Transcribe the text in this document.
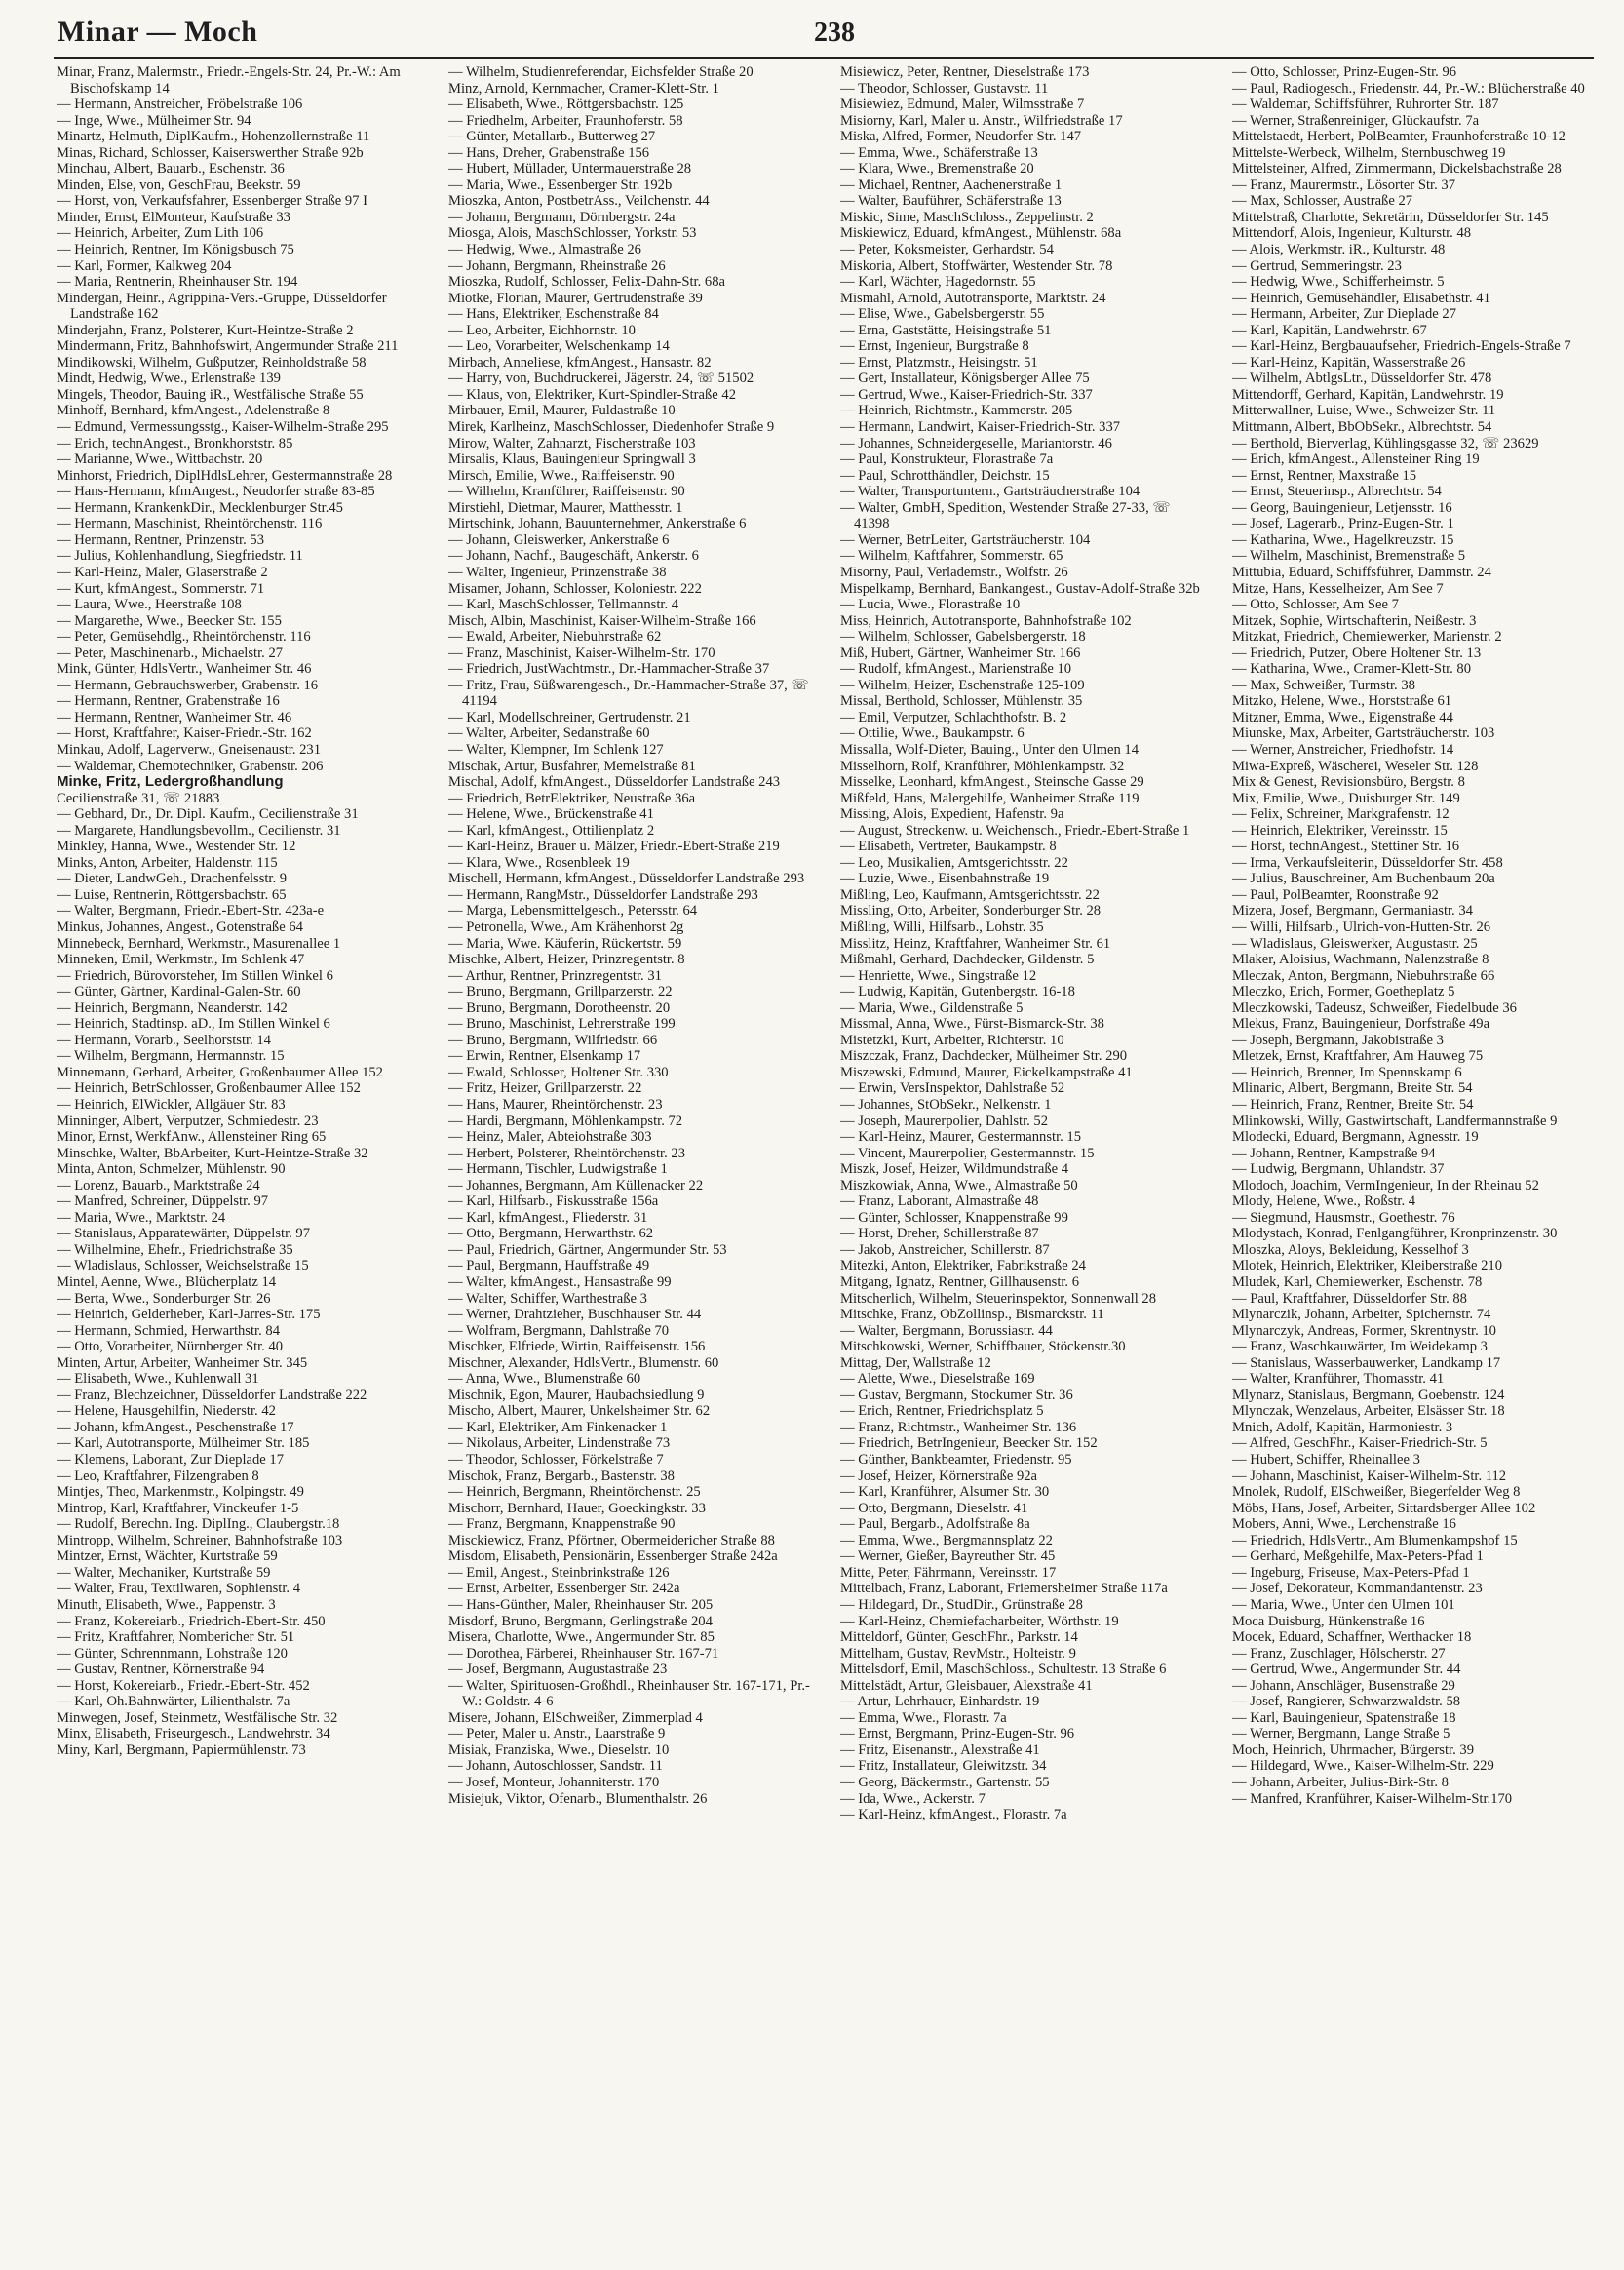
Minar — Moch	238

Minar, Franz, Malermstr., Friedr.-Engels-Str. 24, Pr.-W.: Am Bischofskamp 14

— Hermann, Anstreicher, Fröbelstraße 106

— Inge, Wwe., Mülheimer Str. 94

Minartz, Helmuth, DiplKaufm., Hohenzollernstraße 11

Minas, Richard, Schlosser, Kaiserswerther Straße 92b

Minchau, Albert, Bauarb., Eschenstr. 36

Minden, Else, von, GeschFrau, Beekstr. 59

— Horst, von, Verkaufsfahrer, Essenberger Straße 97 I

Minder, Ernst, ElMonteur, Kaufstraße 33

— Heinrich, Arbeiter, Zum Lith 106

— Heinrich, Rentner, Im Königsbusch 75

— Karl, Former, Kalkweg 204

— Maria, Rentnerin, Rheinhauser Str. 194

Mindergan, Heinr., Agrippina-Vers.-Gruppe, Düsseldorfer Landstraße 162

Minderjahn, Franz, Polsterer, Kurt-Heintze-Straße 2

Mindermann, Fritz, Bahnhofswirt, Angermunder Straße 211

Mindikowski, Wilhelm, Gußputzer, Reinholdstraße 58

Mindt, Hedwig, Wwe., Erlenstraße 139

Mingels, Theodor, Bauing iR., Westfälische Straße 55

Minhoff, Bernhard, kfmAngest., Adelenstraße 8

— Edmund, Vermessungsstg., Kaiser-Wilhelm-Straße 295

— Erich, technAngest., Bronkhorststr. 85

— Marianne, Wwe., Wittbachstr. 20

Minhorst, Friedrich, DiplHdlsLehrer, Gestermannstraße 28

— Hans-Hermann, kfmAngest., Neudorfer straße 83-85

— Hermann, KrankenkDir., Mecklenburger Str.45

— Hermann, Maschinist, Rheintörchenstr. 116

— Hermann, Rentner, Prinzenstr. 53

— Julius, Kohlenhandlung, Siegfriedstr. 11

— Karl-Heinz, Maler, Glaserstraße 2

— Kurt, kfmAngest., Sommerstr. 71

— Laura, Wwe., Heerstraße 108

— Margarethe, Wwe., Beecker Str. 155

— Peter, Gemüsehdlg., Rheintörchenstr. 116

— Peter, Maschinenarb., Michaelstr. 27

Mink, Günter, HdlsVertr., Wanheimer Str. 46

— Hermann, Gebrauchswerber, Grabenstr. 16

— Hermann, Rentner, Grabenstraße 16

— Hermann, Rentner, Wanheimer Str. 46

— Horst, Kraftfahrer, Kaiser-Friedr.-Str. 162

Minkau, Adolf, Lagerverw., Gneisenaustr. 231

— Waldemar, Chemotechniker, Grabenstr. 206

Minke, Fritz, Ledergroßhandlung

Cecilienstraße 31, ☏ 21883

— Gebhard, Dr., Dr. Dipl. Kaufm., Cecilienstraße 31

— Margarete, Handlungsbevollm., Cecilienstr. 31

Minkley, Hanna, Wwe., Westender Str. 12

Minks, Anton, Arbeiter, Haldenstr. 115

— Dieter, LandwGeh., Drachenfelsstr. 9

— Luise, Rentnerin, Röttgersbachstr. 65

— Walter, Bergmann, Friedr.-Ebert-Str. 423a-e

Minkus, Johannes, Angest., Gotenstraße 64

Minnebeck, Bernhard, Werkmstr., Masurenallee 1

Minneken, Emil, Werkmstr., Im Schlenk 47

— Friedrich, Bürovorsteher, Im Stillen Winkel 6

— Günter, Gärtner, Kardinal-Galen-Str. 60

— Heinrich, Bergmann, Neanderstr. 142

— Heinrich, Stadtinsp. aD., Im Stillen Winkel 6

— Hermann, Vorarb., Seelhorststr. 14

— Wilhelm, Bergmann, Hermannstr. 15

Minnemann, Gerhard, Arbeiter, Großenbaumer Allee 152

— Heinrich, BetrSchlosser, Großenbaumer Allee 152

— Heinrich, ElWickler, Allgäuer Str. 83

Minninger, Albert, Verputzer, Schmiedestr. 23

Minor, Ernst, WerkfAnw., Allensteiner Ring 65

Minschke, Walter, BbArbeiter, Kurt-Heintze-Straße 32

Minta, Anton, Schmelzer, Mühlenstr. 90

— Lorenz, Bauarb., Marktstraße 24

— Manfred, Schreiner, Düppelstr. 97

— Maria, Wwe., Marktstr. 24

— Stanislaus, Apparatewärter, Düppelstr. 97

— Wilhelmine, Ehefr., Friedrichstraße 35

— Wladislaus, Schlosser, Weichselstraße 15

Mintel, Aenne, Wwe., Blücherplatz 14

— Berta, Wwe., Sonderburger Str. 26

— Heinrich, Gelderheber, Karl-Jarres-Str. 175

— Hermann, Schmied, Herwarthstr. 84

— Otto, Vorarbeiter, Nürnberger Str. 40

Minten, Artur, Arbeiter, Wanheimer Str. 345

— Elisabeth, Wwe., Kuhlenwall 31

— Franz, Blechzeichner, Düsseldorfer Landstraße 222

— Helene, Hausgehilfin, Niederstr. 42

— Johann, kfmAngest., Peschenstraße 17

— Karl, Autotransporte, Mülheimer Str. 185

— Klemens, Laborant, Zur Dieplade 17

— Leo, Kraftfahrer, Filzengraben 8

Mintjes, Theo, Markenmstr., Kolpingstr. 49

Mintrop, Karl, Kraftfahrer, Vinckeufer 1-5

— Rudolf, Berechn. Ing. DiplIng., Claubergstr.18

Mintropp, Wilhelm, Schreiner, Bahnhofstraße 103

Mintzer, Ernst, Wächter, Kurtstraße 59

— Walter, Mechaniker, Kurtstraße 59

— Walter, Frau, Textilwaren, Sophienstr. 4

Minuth, Elisabeth, Wwe., Pappenstr. 3

— Franz, Kokereiarb., Friedrich-Ebert-Str. 450

— Fritz, Kraftfahrer, Nombericher Str. 51

— Günter, Schrennmann, Lohstraße 120

— Gustav, Rentner, Körnerstraße 94

— Horst, Kokereiarb., Friedr.-Ebert-Str. 452

— Karl, Oh.Bahnwärter, Lilienthalstr. 7a

Minwegen, Josef, Steinmetz, Westfälische Str. 32

Minx, Elisabeth, Friseurgesch., Landwehrstr. 34

Miny, Karl, Bergmann, Papiermühlenstr. 73

— Wilhelm, Studienreferendar, Eichsfelder Straße 20

Minz, Arnold, Kernmacher, Cramer-Klett-Str. 1

— Elisabeth, Wwe., Röttgersbachstr. 125

— Friedhelm, Arbeiter, Fraunhoferstr. 58

— Günter, Metallarb., Butterweg 27

— Hans, Dreher, Grabenstraße 156

— Hubert, Müllader, Untermauerstraße 28

— Maria, Wwe., Essenberger Str. 192b

Mioszka, Anton, PostbetrAss., Veilchenstr. 44

— Johann, Bergmann, Dörnbergstr. 24a

Miosga, Alois, MaschSchlosser, Yorkstr. 53

— Hedwig, Wwe., Almastraße 26

— Johann, Bergmann, Rheinstraße 26

Mioszka, Rudolf, Schlosser, Felix-Dahn-Str. 68a

Miotke, Florian, Maurer, Gertrudenstraße 39

— Hans, Elektriker, Eschenstraße 84

— Leo, Arbeiter, Eichhornstr. 10

— Leo, Vorarbeiter, Welschenkamp 14

Mirbach, Anneliese, kfmAngest., Hansastr. 82

— Harry, von, Buchdruckerei, Jägerstr. 24, ☏ 51502

— Klaus, von, Elektriker, Kurt-Spindler-Straße 42

Mirbauer, Emil, Maurer, Fuldastraße 10

Mirek, Karlheinz, MaschSchlosser, Diedenhofer Straße 9

Mirow, Walter, Zahnarzt, Fischerstraße 103

Mirsalis, Klaus, Bauingenieur Springwall 3

Mirsch, Emilie, Wwe., Raiffeisenstr. 90

— Wilhelm, Kranführer, Raiffeisenstr. 90

Mirstiehl, Dietmar, Maurer, Matthesstr. 1

Mirtschink, Johann, Bauunternehmer, Ankerstraße 6

— Johann, Gleiswerker, Ankerstraße 6

— Johann, Nachf., Baugeschäft, Ankerstr. 6

— Walter, Ingenieur, Prinzenstraße 38

Misamer, Johann, Schlosser, Koloniestr. 222

— Karl, MaschSchlosser, Tellmannstr. 4

Misch, Albin, Maschinist, Kaiser-Wilhelm-Straße 166

— Ewald, Arbeiter, Niebuhrstraße 62

— Franz, Maschinist, Kaiser-Wilhelm-Str. 170

— Friedrich, JustWachtmstr., Dr.-Hammacher-Straße 37

— Fritz, Frau, Süßwarengesch., Dr.-Hammacher-Straße 37, ☏ 41194

— Karl, Modellschreiner, Gertrudenstr. 21

— Walter, Arbeiter, Sedanstraße 60

— Walter, Klempner, Im Schlenk 127

Mischak, Artur, Busfahrer, Memelstraße 81

Mischal, Adolf, kfmAngest., Düsseldorfer Landstraße 243

— Friedrich, BetrElektriker, Neustraße 36a

— Helene, Wwe., Brückenstraße 41

— Karl, kfmAngest., Ottilienplatz 2

— Karl-Heinz, Brauer u. Mälzer, Friedr.-Ebert-Straße 219

— Klara, Wwe., Rosenbleek 19

Mischell, Hermann, kfmAngest., Düsseldorfer Landstraße 293

— Hermann, RangMstr., Düsseldorfer Landstraße 293

— Marga, Lebensmittelgesch., Petersstr. 64

— Petronella, Wwe., Am Krähenhorst 2g

— Maria, Wwe. Käuferin, Rückertstr. 59

Mischke, Albert, Heizer, Prinzregentstr. 8

— Arthur, Rentner, Prinzregentstr. 31

— Bruno, Bergmann, Grillparzerstr. 22

— Bruno, Bergmann, Dorotheenstr. 20

— Bruno, Maschinist, Lehrerstraße 199

— Bruno, Bergmann, Wilfriedstr. 66

— Erwin, Rentner, Elsenkamp 17

— Ewald, Schlosser, Holtener Str. 330

— Fritz, Heizer, Grillparzerstr. 22

— Hans, Maurer, Rheintörchenstr. 23

— Hardi, Bergmann, Möhlenkampstr. 72

— Heinz, Maler, Abteiohstraße 303

— Herbert, Polsterer, Rheintörchenstr. 23

— Hermann, Tischler, Ludwigstraße 1

— Johannes, Bergmann, Am Küllenacker 22

— Karl, Hilfsarb., Fiskusstraße 156a

— Karl, kfmAngest., Fliederstr. 31

— Otto, Bergmann, Herwarthstr. 62

— Paul, Friedrich, Gärtner, Angermunder Str. 53

— Paul, Bergmann, Hauffstraße 49

— Walter, kfmAngest., Hansastraße 99

— Walter, Schiffer, Warthestraße 3

— Werner, Drahtzieher, Buschhauser Str. 44

— Wolfram, Bergmann, Dahlstraße 70

Mischker, Elfriede, Wirtin, Raiffeisenstr. 156

Mischner, Alexander, HdlsVertr., Blumenstr. 60

— Anna, Wwe., Blumenstraße 60

Mischnik, Egon, Maurer, Haubachsiedlung 9

Mischo, Albert, Maurer, Unkelsheimer Str. 62

— Karl, Elektriker, Am Finkenacker 1

— Nikolaus, Arbeiter, Lindenstraße 73

— Theodor, Schlosser, Förkelstraße 7

Mischok, Franz, Bergarb., Bastenstr. 38

— Heinrich, Bergmann, Rheintörchenstr. 25

Mischorr, Bernhard, Hauer, Goeckingkstr. 33

— Franz, Bergmann, Knappenstraße 90

Misckiewicz, Franz, Pförtner, Obermeidericher Straße 88

Misdom, Elisabeth, Pensionärin, Essenberger Straße 242a

— Emil, Angest., Steinbrinkstraße 126

— Ernst, Arbeiter, Essenberger Str. 242a

— Hans-Günther, Maler, Rheinhauser Str. 205

Misdorf, Bruno, Bergmann, Gerlingstraße 204

Misera, Charlotte, Wwe., Angermunder Str. 85

— Dorothea, Färberei, Rheinhauser Str. 167-71

— Josef, Bergmann, Augustastraße 23

— Walter, Spirituosen-Großhdl., Rheinhauser Str. 167-171, Pr.-W.: Goldstr. 4-6

Misere, Johann, ElSchweißer, Zimmerplad 4

— Peter, Maler u. Anstr., Laarstraße 9

Misiak, Franziska, Wwe., Dieselstr. 10

— Johann, Autoschlosser, Sandstr. 11

— Josef, Monteur, Johanniterstr. 170

Misiejuk, Viktor, Ofenarb., Blumenthalstr. 26

Misiewicz, Peter, Rentner, Dieselstraße 173

— Theodor, Schlosser, Gustavstr. 11

Misiewiez, Edmund, Maler, Wilmsstraße 7

Misiorny, Karl, Maler u. Anstr., Wilfriedstraße 17

Miska, Alfred, Former, Neudorfer Str. 147

— Emma, Wwe., Schäferstraße 13

— Klara, Wwe., Bremenstraße 20

— Michael, Rentner, Aachenerstraße 1

— Walter, Bauführer, Schäferstraße 13

Miskic, Sime, MaschSchloss., Zeppelinstr. 2

Miskiewicz, Eduard, kfmAngest., Mühlenstr. 68a

— Peter, Koksmeister, Gerhardstr. 54

Miskoria, Albert, Stoffwärter, Westender Str. 78

— Karl, Wächter, Hagedornstr. 55

Mismahl, Arnold, Autotransporte, Marktstr. 24

— Elise, Wwe., Gabelsbergerstr. 55

— Erna, Gaststätte, Heisingstraße 51

— Ernst, Ingenieur, Burgstraße 8

— Ernst, Platzmstr., Heisingstr. 51

— Gert, Installateur, Königsberger Allee 75

— Gertrud, Wwe., Kaiser-Friedrich-Str. 337

— Heinrich, Richtmstr., Kammerstr. 205

— Hermann, Landwirt, Kaiser-Friedrich-Str. 337

— Johannes, Schneidergeselle, Mariantorstr. 46

— Paul, Konstrukteur, Florastraße 7a

— Paul, Schrotthändler, Deichstr. 15

— Walter, Transportuntern., Gartsträucherstraße 104

— Walter, GmbH, Spedition, Westender Straße 27-33, ☏ 41398

— Werner, BetrLeiter, Gartsträucherstr. 104

— Wilhelm, Kaftfahrer, Sommerstr. 65

Misorny, Paul, Verlademstr., Wolfstr. 26

Mispelkamp, Bernhard, Bankangest., Gustav-Adolf-Straße 32b

— Lucia, Wwe., Florastraße 10

Miss, Heinrich, Autotransporte, Bahnhofstraße 102

— Wilhelm, Schlosser, Gabelsbergerstr. 18

Miß, Hubert, Gärtner, Wanheimer Str. 166

— Rudolf, kfmAngest., Marienstraße 10

— Wilhelm, Heizer, Eschenstraße 125-109

Missal, Berthold, Schlosser, Mühlenstr. 35

— Emil, Verputzer, Schlachthofstr. B. 2

— Ottilie, Wwe., Baukampstr. 6

Missalla, Wolf-Dieter, Bauing., Unter den Ulmen 14

Misselhorn, Rolf, Kranführer, Möhlenkampstr. 32

Misselke, Leonhard, kfmAngest., Steinsche Gasse 29

Mißfeld, Hans, Malergehilfe, Wanheimer Straße 119

Missing, Alois, Expedient, Hafenstr. 9a

— August, Streckenw. u. Weichensch., Friedr.-Ebert-Straße 1

— Elisabeth, Vertreter, Baukampstr. 8

— Leo, Musikalien, Amtsgerichtsstr. 22

— Luzie, Wwe., Eisenbahnstraße 19

Mißling, Leo, Kaufmann, Amtsgerichtsstr. 22

Missling, Otto, Arbeiter, Sonderburger Str. 28

Mißling, Willi, Hilfsarb., Lohstr. 35

Misslitz, Heinz, Kraftfahrer, Wanheimer Str. 61

Mißmahl, Gerhard, Dachdecker, Gildenstr. 5

— Henriette, Wwe., Singstraße 12

— Ludwig, Kapitän, Gutenbergstr. 16-18

— Maria, Wwe., Gildenstraße 5

Missmal, Anna, Wwe., Fürst-Bismarck-Str. 38

Mistetzki, Kurt, Arbeiter, Richterstr. 10

Miszczak, Franz, Dachdecker, Mülheimer Str. 290

Miszewski, Edmund, Maurer, Eickelkampstraße 41

— Erwin, VersInspektor, Dahlstraße 52

— Johannes, StObSekr., Nelkenstr. 1

— Joseph, Maurerpolier, Dahlstr. 52

— Karl-Heinz, Maurer, Gestermannstr. 15

— Vincent, Maurerpolier, Gestermannstr. 15

Miszk, Josef, Heizer, Wildmundstraße 4

Miszkowiak, Anna, Wwe., Almastraße 50

— Franz, Laborant, Almastraße 48

— Günter, Schlosser, Knappenstraße 99

— Horst, Dreher, Schillerstraße 87

— Jakob, Anstreicher, Schillerstr. 87

Mitezki, Anton, Elektriker, Fabrikstraße 24

Mitgang, Ignatz, Rentner, Gillhausenstr. 6

Mitscherlich, Wilhelm, Steuerinspektor, Sonnenwall 28

Mitschke, Franz, ObZollinsp., Bismarckstr. 11

— Walter, Bergmann, Borussiastr. 44

Mitschkowski, Werner, Schiffbauer, Stöckenstr.30

Mittag, Der, Wallstraße 12

— Alette, Wwe., Dieselstraße 169

— Gustav, Bergmann, Stockumer Str. 36

— Erich, Rentner, Friedrichsplatz 5

— Franz, Richtmstr., Wanheimer Str. 136

— Friedrich, BetrIngenieur, Beecker Str. 152

— Günther, Bankbeamter, Friedenstr. 95

— Josef, Heizer, Körnerstraße 92a

— Karl, Kranführer, Alsumer Str. 30

— Otto, Bergmann, Dieselstr. 41

— Paul, Bergarb., Adolfstraße 8a

— Emma, Wwe., Bergmannsplatz 22

— Werner, Gießer, Bayreuther Str. 45

Mitte, Peter, Fährmann, Vereinsstr. 17

Mittelbach, Franz, Laborant, Friemersheimer Straße 117a

— Hildegard, Dr., StudDir., Grünstraße 28

— Karl-Heinz, Chemiefacharbeiter, Wörthstr. 19

Mitteldorf, Günter, GeschFhr., Parkstr. 14

Mittelham, Gustav, RevMstr., Holteistr. 9

Mittelsdorf, Emil, MaschSchloss., Schultestr. 13 Straße 6

Mittelstädt, Artur, Gleisbauer, Alexstraße 41

— Artur, Lehrhauer, Einhardstr. 19

— Emma, Wwe., Florastr. 7a

— Ernst, Bergmann, Prinz-Eugen-Str. 96

— Fritz, Eisenanstr., Alexstraße 41

— Fritz, Installateur, Gleiwitzstr. 34

— Georg, Bäckermstr., Gartenstr. 55

— Ida, Wwe., Ackerstr. 7

— Karl-Heinz, kfmAngest., Florastr. 7a

— Otto, Schlosser, Prinz-Eugen-Str. 96

— Paul, Radiogesch., Friedenstr. 44, Pr.-W.: Blücherstraße 40

— Waldemar, Schiffsführer, Ruhrorter Str. 187

— Werner, Straßenreiniger, Glückaufstr. 7a

Mittelstaedt, Herbert, PolBeamter, Fraunhoferstraße 10-12

Mittelste-Werbeck, Wilhelm, Sternbuschweg 19

Mittelsteiner, Alfred, Zimmermann, Dickelsbachstraße 28

— Franz, Maurermstr., Lösorter Str. 37

— Max, Schlosser, Austraße 27

Mittelstraß, Charlotte, Sekretärin, Düsseldorfer Str. 145

Mittendorf, Alois, Ingenieur, Kulturstr. 48

— Alois, Werkmstr. iR., Kulturstr. 48

— Gertrud, Semmeringstr. 23

— Hedwig, Wwe., Schifferheimstr. 5

— Heinrich, Gemüsehändler, Elisabethstr. 41

— Hermann, Arbeiter, Zur Dieplade 27

— Karl, Kapitän, Landwehrstr. 67

— Karl-Heinz, Bergbauaufseher, Friedrich-Engels-Straße 7

— Karl-Heinz, Kapitän, Wasserstraße 26

— Wilhelm, AbtlgsLtr., Düsseldorfer Str. 478

Mittendorff, Gerhard, Kapitän, Landwehrstr. 19

Mitterwallner, Luise, Wwe., Schweizer Str. 11

Mittmann, Albert, BbObSekr., Albrechtstr. 54

— Berthold, Bierverlag, Kühlingsgasse 32, ☏ 23629

— Erich, kfmAngest., Allensteiner Ring 19

— Ernst, Rentner, Maxstraße 15

— Ernst, Steuerinsp., Albrechtstr. 54

— Georg, Bauingenieur, Letjensstr. 16

— Josef, Lagerarb., Prinz-Eugen-Str. 1

— Katharina, Wwe., Hagelkreuzstr. 15

— Wilhelm, Maschinist, Bremenstraße 5

Mittubia, Eduard, Schiffsführer, Dammstr. 24

Mitze, Hans, Kesselheizer, Am See 7

— Otto, Schlosser, Am See 7

Mitzek, Sophie, Wirtschafterin, Neißestr. 3

Mitzkat, Friedrich, Chemiewerker, Marienstr. 2

— Friedrich, Putzer, Obere Holtener Str. 13

— Katharina, Wwe., Cramer-Klett-Str. 80

— Max, Schweißer, Turmstr. 38

Mitzko, Helene, Wwe., Horststraße 61

Mitzner, Emma, Wwe., Eigenstraße 44

Miunske, Max, Arbeiter, Gartsträucherstr. 103

— Werner, Anstreicher, Friedhofstr. 14

Miwa-Expreß, Wäscherei, Weseler Str. 128

Mix & Genest, Revisionsbüro, Bergstr. 8

Mix, Emilie, Wwe., Duisburger Str. 149

— Felix, Schreiner, Markgrafenstr. 12

— Heinrich, Elektriker, Vereinsstr. 15

— Horst, technAngest., Stettiner Str. 16

— Irma, Verkaufsleiterin, Düsseldorfer Str. 458

— Julius, Bauschreiner, Am Buchenbaum 20a

— Paul, PolBeamter, Roonstraße 92

Mizera, Josef, Bergmann, Germaniastr. 34

— Willi, Hilfsarb., Ulrich-von-Hutten-Str. 26

— Wladislaus, Gleiswerker, Augustastr. 25

Mlaker, Aloisius, Wachmann, Nalenzstraße 8

Mleczak, Anton, Bergmann, Niebuhrstraße 66

Mleczko, Erich, Former, Goetheplatz 5

Mleczkowski, Tadeusz, Schweißer, Fiedelbude 36

Mlekus, Franz, Bauingenieur, Dorfstraße 49a

— Joseph, Bergmann, Jakobistraße 3

Mletzek, Ernst, Kraftfahrer, Am Hauweg 75

— Heinrich, Brenner, Im Spennskamp 6

Mlinaric, Albert, Bergmann, Breite Str. 54

— Heinrich, Franz, Rentner, Breite Str. 54

Mlinkowski, Willy, Gastwirtschaft, Landfermannstraße 9

Mlodecki, Eduard, Bergmann, Agnesstr. 19

— Johann, Rentner, Kampstraße 94

— Ludwig, Bergmann, Uhlandstr. 37

Mlodoch, Joachim, VermIngenieur, In der Rheinau 52

Mlody, Helene, Wwe., Roßstr. 4

— Siegmund, Hausmstr., Goethestr. 76

Mlodystach, Konrad, Fenlgangführer, Kronprinzenstr. 30

Mloszka, Aloys, Bekleidung, Kesselhof 3

Mlotek, Heinrich, Elektriker, Kleiberstraße 210

Mludek, Karl, Chemiewerker, Eschenstr. 78

— Paul, Kraftfahrer, Düsseldorfer Str. 88

Mlynarczik, Johann, Arbeiter, Spichernstr. 74

Mlynarczyk, Andreas, Former, Skrentnystr. 10

— Franz, Waschkauwärter, Im Weidekamp 3

— Stanislaus, Wasserbauwerker, Landkamp 17

— Walter, Kranführer, Thomasstr. 41

Mlynarz, Stanislaus, Bergmann, Goebenstr. 124

Mlynczak, Wenzelaus, Arbeiter, Elsässer Str. 18

Mnich, Adolf, Kapitän, Harmoniestr. 3

— Alfred, GeschFhr., Kaiser-Friedrich-Str. 5

— Hubert, Schiffer, Rheinallee 3

— Johann, Maschinist, Kaiser-Wilhelm-Str. 112

Mnolek, Rudolf, ElSchweißer, Biegerfelder Weg 8

Möbs, Hans, Josef, Arbeiter, Sittardsberger Allee 102

Mobers, Anni, Wwe., Lerchenstraße 16

— Friedrich, HdlsVertr., Am Blumenkampshof 15

— Gerhard, Meßgehilfe, Max-Peters-Pfad 1

— Ingeburg, Friseuse, Max-Peters-Pfad 1

— Josef, Dekorateur, Kommandantenstr. 23

— Maria, Wwe., Unter den Ulmen 101

Moca Duisburg, Hünkenstraße 16

Mocek, Eduard, Schaffner, Werthacker 18

— Franz, Zuschlager, Hölscherstr. 27

— Gertrud, Wwe., Angermunder Str. 44

— Johann, Anschläger, Busenstraße 29

— Josef, Rangierer, Schwarzwaldstr. 58

— Karl, Bauingenieur, Spatenstraße 18

— Werner, Bergmann, Lange Straße 5

Moch, Heinrich, Uhrmacher, Bürgerstr. 39

— Hildegard, Wwe., Kaiser-Wilhelm-Str. 229

— Johann, Arbeiter, Julius-Birk-Str. 8

— Manfred, Kranführer, Kaiser-Wilhelm-Str.170
